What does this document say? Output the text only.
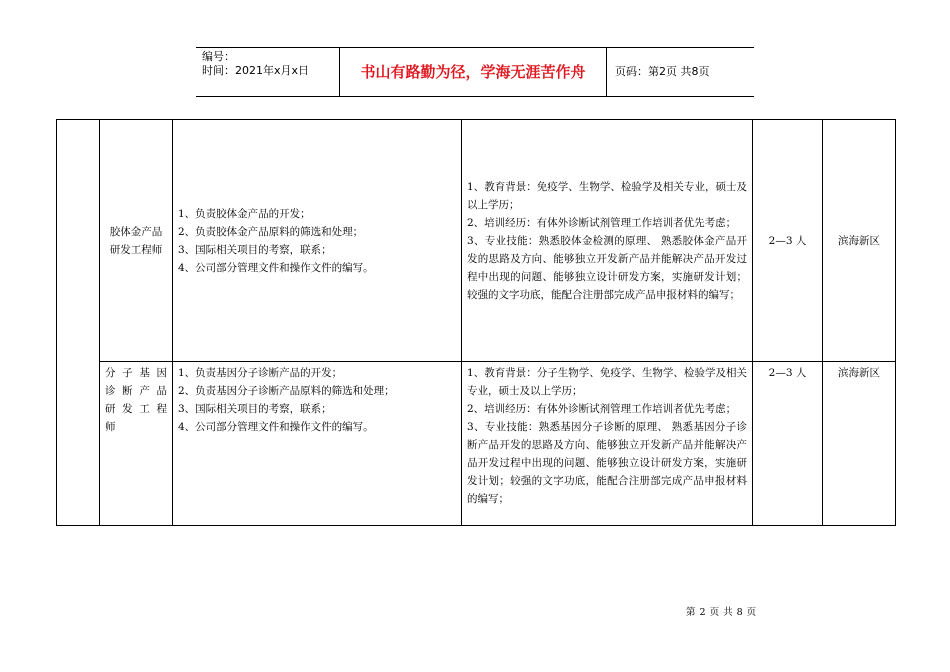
编号：
时间：2021年x月x日	书山有路勤为径，学海无涯苦作舟	页码：第2页 共8页

	胶体金产品
研发工程师	1、负责胶体金产品的开发；
2、负责胶体金产品原料的筛选和处理；
3、国际相关项目的考察，联系；
4、公司部分管理文件和操作文件的编写。	1、教育背景：免疫学、生物学、检验学及相关专业，硕士及以上学历；
2、培训经历：有体外诊断试剂管理工作培训者优先考虑；
3、专业技能：熟悉胶体金检测的原理、 熟悉胶体金产品开发的思路及方向、能够独立开发新产品并能解决产品开发过程中出现的问题、能够独立设计研发方案，实施研发计划；较强的文字功底，能配合注册部完成产品申报材料的编写；	2—3 人	滨海新区

	分子基因
诊断产品
研发工程
师	1、负责基因分子诊断产品的开发；
2、负责基因分子诊断产品原料的筛选和处理；
3、国际相关项目的考察，联系；
4、公司部分管理文件和操作文件的编写。	1、教育背景：分子生物学、免疫学、生物学、检验学及相关专业，硕士及以上学历；
2、培训经历：有体外诊断试剂管理工作培训者优先考虑；
3、专业技能：熟悉基因分子诊断的原理、 熟悉基因分子诊断产品开发的思路及方向、能够独立开发新产品并能解决产品开发过程中出现的问题、能够独立设计研发方案，实施研发计划；较强的文字功底，能配合注册部完成产品申报材料的编写；	2—3 人	滨海新区
第 2 页 共 8 页
